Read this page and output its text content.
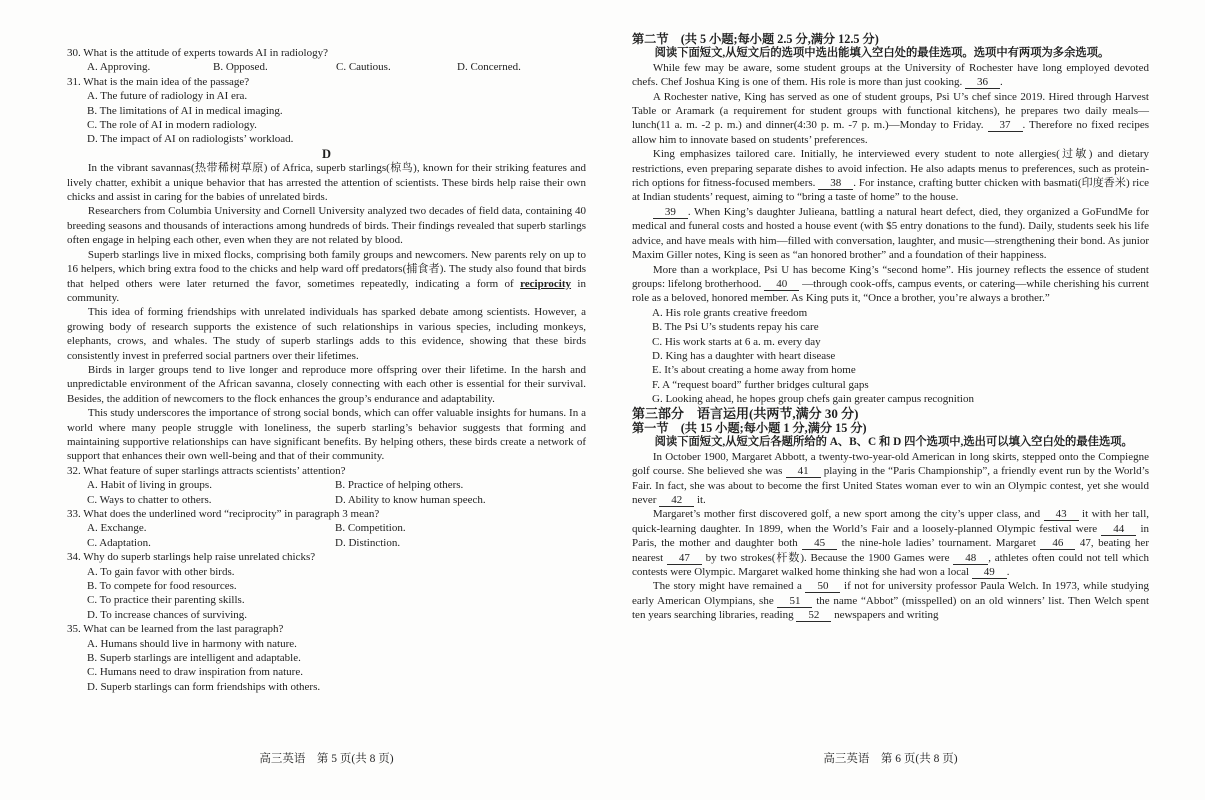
30. What is the attitude of experts towards AI in radiology?
A. Approving.	B. Opposed.	C. Cautious.	D. Concerned.
31. What is the main idea of the passage?
A. The future of radiology in AI era.
B. The limitations of AI in medical imaging.
C. The role of AI in modern radiology.
D. The impact of AI on radiologists’ workload.
D
In the vibrant savannas(热带稀树草原) of Africa, superb starlings(椋鸟), known for their striking features and lively chatter, exhibit a unique behavior that has arrested the attention of scientists. These birds help raise their own chicks and assist in caring for the babies of unrelated birds.
Researchers from Columbia University and Cornell University analyzed two decades of field data, containing 40 breeding seasons and thousands of interactions among hundreds of birds. Their findings revealed that superb starlings often engage in helping each other, even when they are not related by blood.
Superb starlings live in mixed flocks, comprising both family groups and newcomers. New parents rely on up to 16 helpers, which bring extra food to the chicks and help ward off predators(捕食者). The study also found that birds that helped others were later returned the favor, sometimes repeatedly, indicating a form of reciprocity in community.
This idea of forming friendships with unrelated individuals has sparked debate among scientists. However, a growing body of research supports the existence of such relationships in various species, including monkeys, elephants, crows, and whales. The study of superb starlings adds to this evidence, showing that these birds consistently invest in preferred social partners over their lifetimes.
Birds in larger groups tend to live longer and reproduce more offspring over their lifetime. In the harsh and unpredictable environment of the African savanna, closely connecting with each other is essential for their survival. Besides, the addition of newcomers to the flock enhances the group’s endurance and adaptability.
This study underscores the importance of strong social bonds, which can offer valuable insights for humans. In a world where many people struggle with loneliness, the superb starling’s behavior suggests that forming and maintaining supportive relationships can have significant benefits. By helping others, these birds create a network of support that enhances their own well-being and that of their community.
32. What feature of super starlings attracts scientists’ attention?
A. Habit of living in groups.	B. Practice of helping others.
C. Ways to chatter to others.	D. Ability to know human speech.
33. What does the underlined word “reciprocity” in paragraph 3 mean?
A. Exchange.	B. Competition.
C. Adaptation.	D. Distinction.
34. Why do superb starlings help raise unrelated chicks?
A. To gain favor with other birds.
B. To compete for food resources.
C. To practice their parenting skills.
D. To increase chances of surviving.
35. What can be learned from the last paragraph?
A. Humans should live in harmony with nature.
B. Superb starlings are intelligent and adaptable.
C. Humans need to draw inspiration from nature.
D. Superb starlings can form friendships with others.
高三英语　第 5 页(共 8 页)
第二节　(共 5 小题;每小题 2.5 分,满分 12.5 分)
阅读下面短文,从短文后的选项中选出能填入空白处的最佳选项。选项中有两项为多余选项。
While few may be aware, some student groups at the University of Rochester have long employed devoted chefs. Chef Joshua King is one of them. His role is more than just cooking. 36 .
A Rochester native, King has served as one of student groups, Psi U’s chef since 2019. Hired through Harvest Table or Aramark (a requirement for student groups with functional kitchens), he prepares two daily meals—lunch(11 a. m. -2 p. m.) and dinner(4:30 p. m. -7 p. m.)—Monday to Friday. 37 . Therefore no fixed recipes allow him to innovate based on students’ preferences.
King emphasizes tailored care. Initially, he interviewed every student to note allergies(过敏) and dietary restrictions, even preparing separate dishes to avoid infection. He also adapts menus to preferences, such as protein-rich options for fitness-focused members. 38 . For instance, crafting butter chicken with basmati(印度香米) rice at Indian students’ request, aiming to “bring a taste of home” to the house.
39 . When King’s daughter Julieana, battling a natural heart defect, died, they organized a GoFundMe for medical and funeral costs and hosted a house event (with $5 entry donations to the fund). Daily, students seek his life advice, and have meals with him—filled with conversation, laughter, and music—strengthening their bond. As junior Maxim Giller notes, King is seen as “an honored brother” and a foundation of their happiness.
More than a workplace, Psi U has become King’s “second home”. His journey reflects the essence of student groups: lifelong brotherhood. 40 —through cook-offs, campus events, or catering—while cherishing his current role as a beloved, honored member. As King puts it, “Once a brother, you’re always a brother.”
A. His role grants creative freedom
B. The Psi U’s students repay his care
C. His work starts at 6 a. m. every day
D. King has a daughter with heart disease
E. It’s about creating a home away from home
F. A “request board” further bridges cultural gaps
G. Looking ahead, he hopes group chefs gain greater campus recognition
第三部分　语言运用(共两节,满分 30 分)
第一节　(共 15 小题;每小题 1 分,满分 15 分)
阅读下面短文,从短文后各题所给的 A、B、C 和 D 四个选项中,选出可以填入空白处的最佳选项。
In October 1900, Margaret Abbott, a twenty-two-year-old American in long skirts, stepped onto the Compiegne golf course. She believed she was 41 playing in the “Paris Championship”, a friendly event run by the World’s Fair. In fact, she was about to become the first United States woman ever to win an Olympic contest, yet she would never 42 it.
Margaret’s mother first discovered golf, a new sport among the city’s upper class, and 43 it with her tall, quick-learning daughter. In 1899, when the World’s Fair and a loosely-planned Olympic festival were 44 in Paris, the mother and daughter both 45 the nine-hole ladies’ tournament. Margaret 46 47, beating her nearest 47 by two strokes(杆数). Because the 1900 Games were 48 , athletes often could not tell which contests were Olympic. Margaret walked home thinking she had won a local 49 .
The story might have remained a 50 if not for university professor Paula Welch. In 1973, while studying early American Olympians, she 51 the name “Abbot” (misspelled) on an old winners’ list. Then Welch spent ten years searching libraries, reading 52 newspapers and writing
高三英语　第 6 页(共 8 页)
